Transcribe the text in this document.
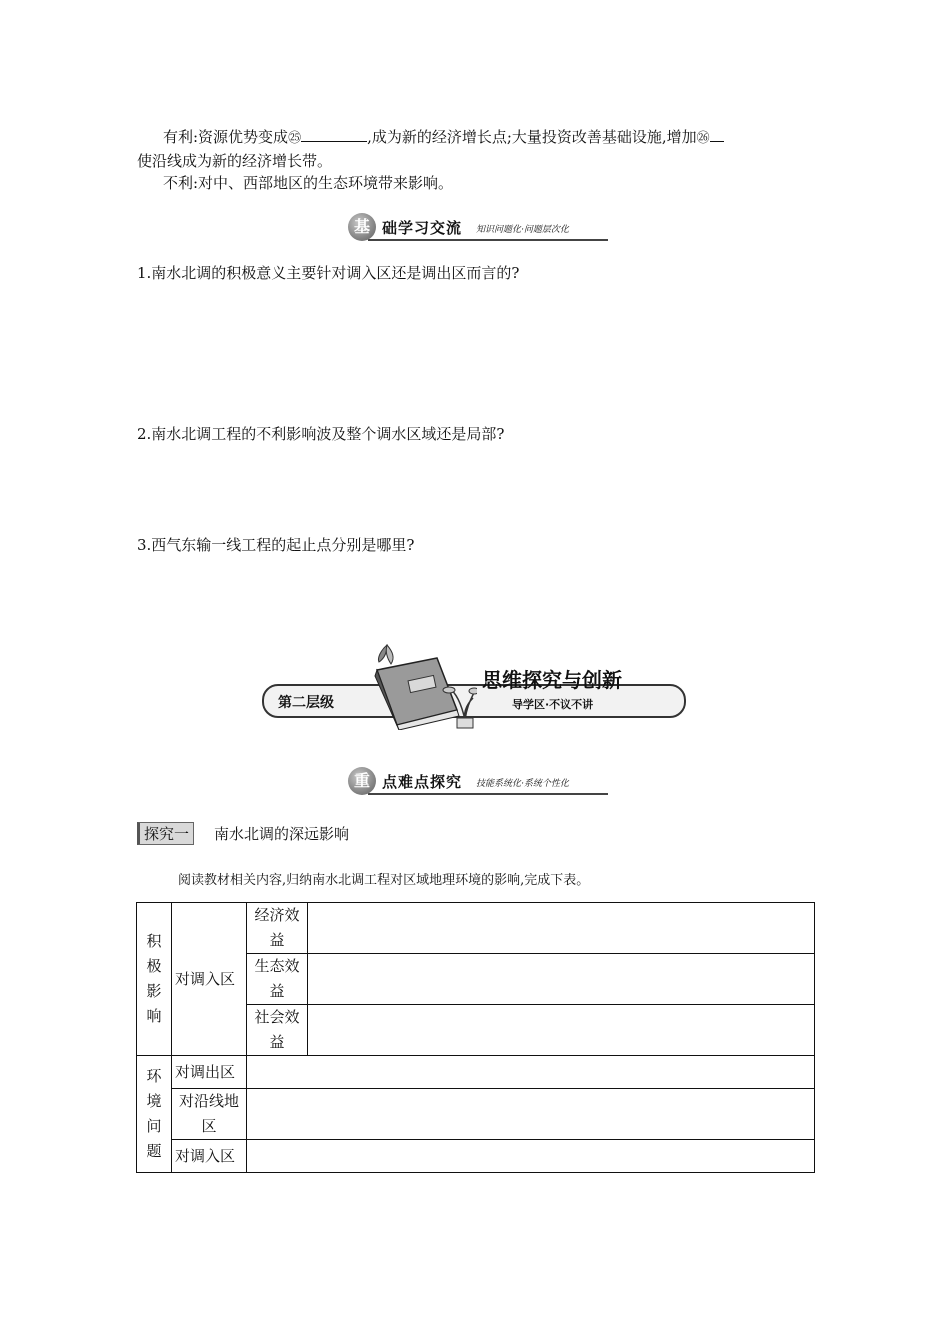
有利:资源优势变成㉕	,成为新的经济增长点;大量投资改善基础设施,增加㉖
使沿线成为新的经济增长带。
不利:对中、西部地区的生态环境带来影响。
基 础学习交流 知识问题化·问题层次化
1.南水北调的积极意义主要针对调入区还是调出区而言的?
2.南水北调工程的不利影响波及整个调水区域还是局部?
3.西气东输一线工程的起止点分别是哪里?
第二层级
思维探究与创新
导学区·不议不讲
重 点难点探究 技能系统化·系统个性化
探究一 南水北调的深远影响
阅读教材相关内容,归纳南水北调工程对区域地理环境的影响,完成下表。
积极影响	对调入区	经济效益	
		生态效益	
		社会效益	
环境问题	对调出区		
	对沿线地区		
	对调入区		
